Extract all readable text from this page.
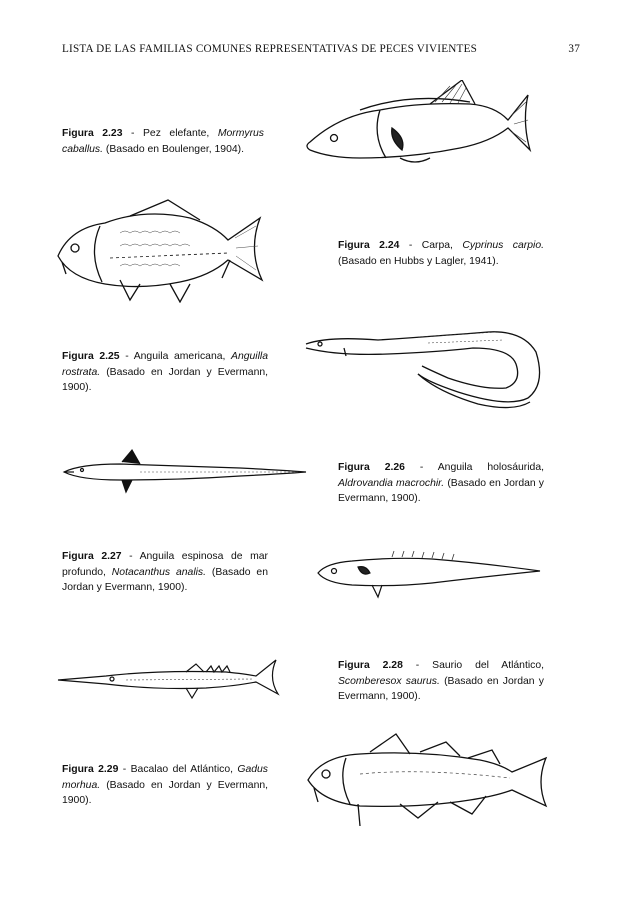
LISTA DE LAS FAMILIAS COMUNES REPRESENTATIVAS DE PECES VIVIENTES	37
Figura 2.23 - Pez elefante, Mormyrus caballus. (Basado en Boulenger, 1904).
Figura 2.24 - Carpa, Cyprinus carpio. (Basado en Hubbs y Lagler, 1941).
Figura 2.25 - Anguila americana, Anguilla rostrata. (Basado en Jordan y Evermann, 1900).
Figura 2.26 - Anguila holosáurida, Aldrovandia macrochir. (Basado en Jordan y Evermann, 1900).
Figura 2.27 - Anguila espinosa de mar profundo, Notacanthus analis. (Basado en Jordan y Evermann, 1900).
Figura 2.28 - Saurio del Atlántico, Scomberesox saurus. (Basado en Jordan y Evermann, 1900).
Figura 2.29 - Bacalao del Atlántico, Gadus morhua. (Basado en Jordan y Evermann, 1900).
